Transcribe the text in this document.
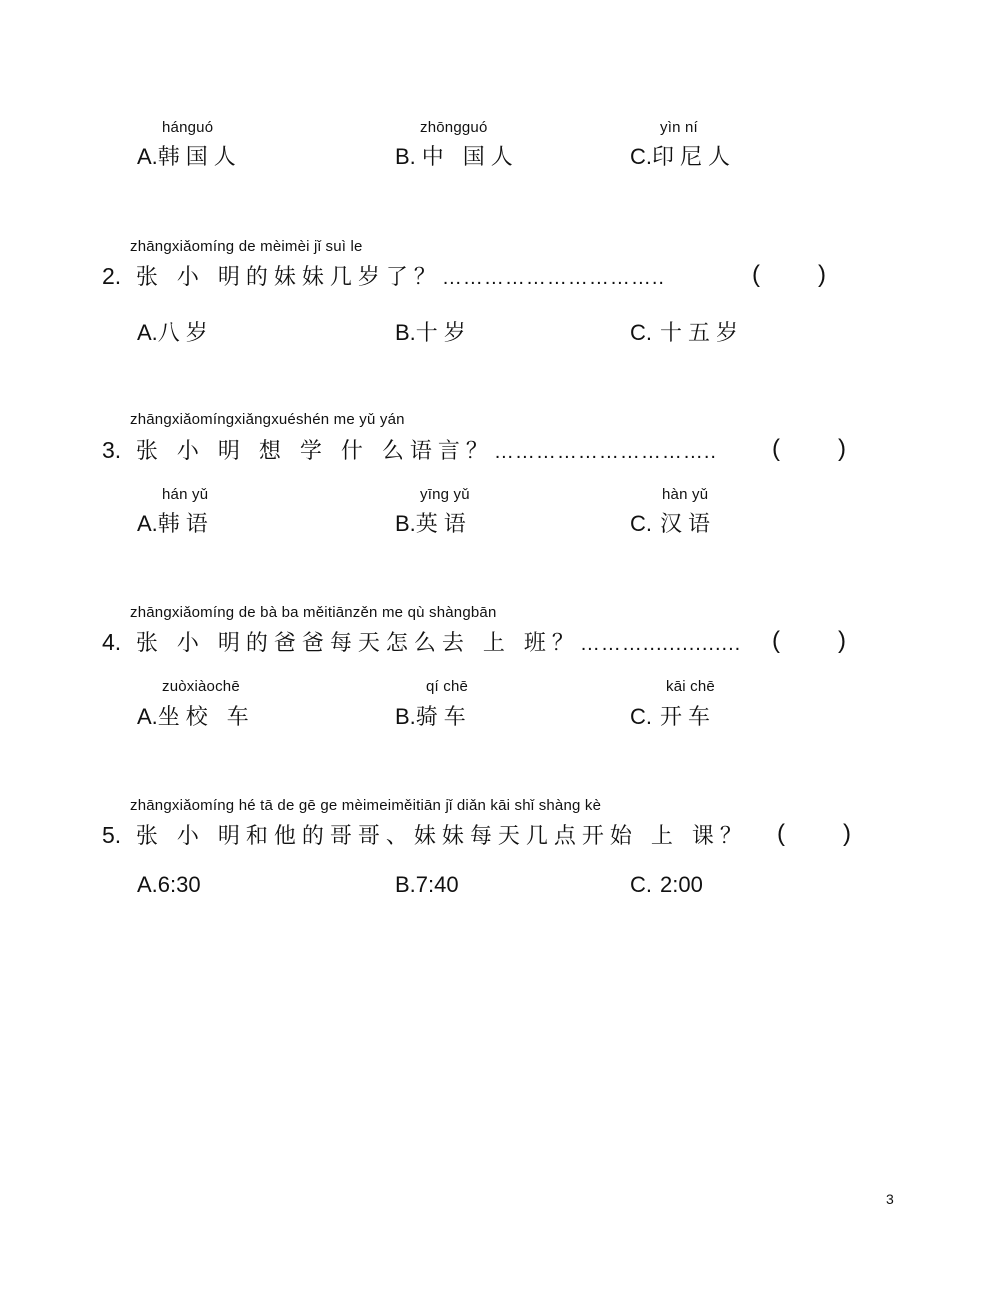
hánguó	zhōngguó	yìn ní
A.韩国人	B. 中 国人	C.印尼人
zhāngxiǎomíng de mèimèi jǐ suì le
2. 张 小 明的妹妹几岁了？…………………………..	( )
A.八岁	B.十岁	C. 十五岁
zhāngxiǎomíngxiǎngxuéshén me yǔ yán
3. 张 小 明 想 学 什 么语言？………………………….. ( )
hán yǔ	yīng yǔ	hàn yǔ
A.韩语	B.英语	C. 汉语
zhāngxiǎomíng de bà ba měitiānzěn me qù shàngbān
4. 张 小 明的爸爸每天怎么去 上 班？………............... ( )
zuòxiàochē	qí chē	kāi chē
A.坐校 车	B.骑车	C. 开车
zhāngxiǎomíng hé tā de gē ge mèimeiměitiān jǐ diǎn kāi shǐ shàng kè
5. 张 小 明和他的哥哥、妹妹每天几点开始 上 课？ ( )
A.6:30	B.7:40	C. 2:00
3
